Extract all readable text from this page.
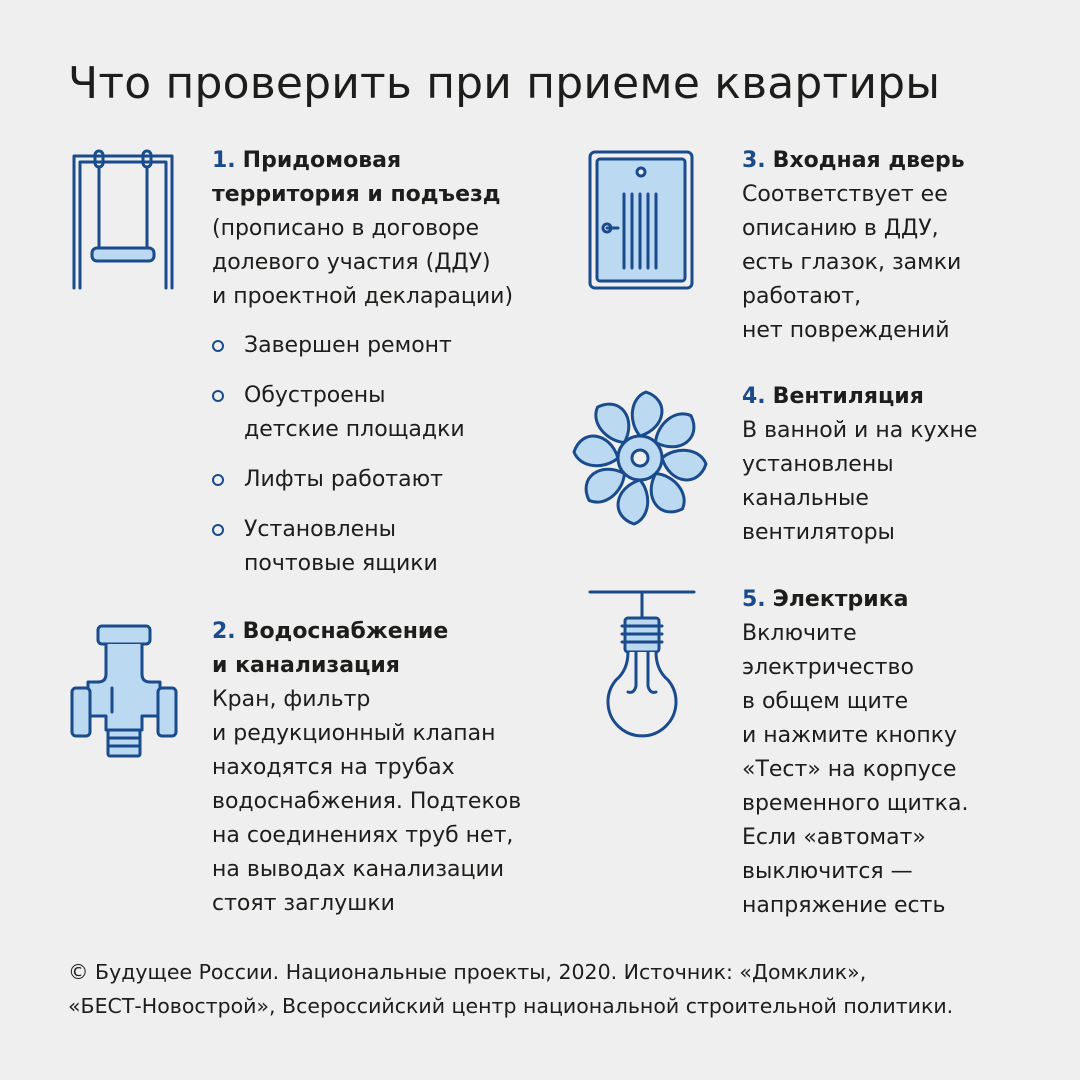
Что проверить при приеме квартиры
1. Придомовая
территория и подъезд
(прописано в договоре
долевого участия (ДДУ)
и проектной декларации)
Завершен ремонт
Обустроены
детские площадки
Лифты работают
Установлены
почтовые ящики
2. Водоснабжение
и канализация
Кран, фильтр
и редукционный клапан
находятся на трубах
водоснабжения. Подтеков
на соединениях труб нет,
на выводах канализации
стоят заглушки
3. Входная дверь
Соответствует ее
описанию в ДДУ,
есть глазок, замки
работают,
нет повреждений
4. Вентиляция
В ванной и на кухне
установлены
канальные
вентиляторы
5. Электрика
Включите
электричество
в общем щите
и нажмите кнопку
«Тест» на корпусе
временного щитка.
Если «автомат»
выключится —
напряжение есть
© Будущее России. Национальные проекты, 2020. Источник: «Домклик»,
«БЕСТ-Новострой», Всероссийский центр национальной строительной политики.
